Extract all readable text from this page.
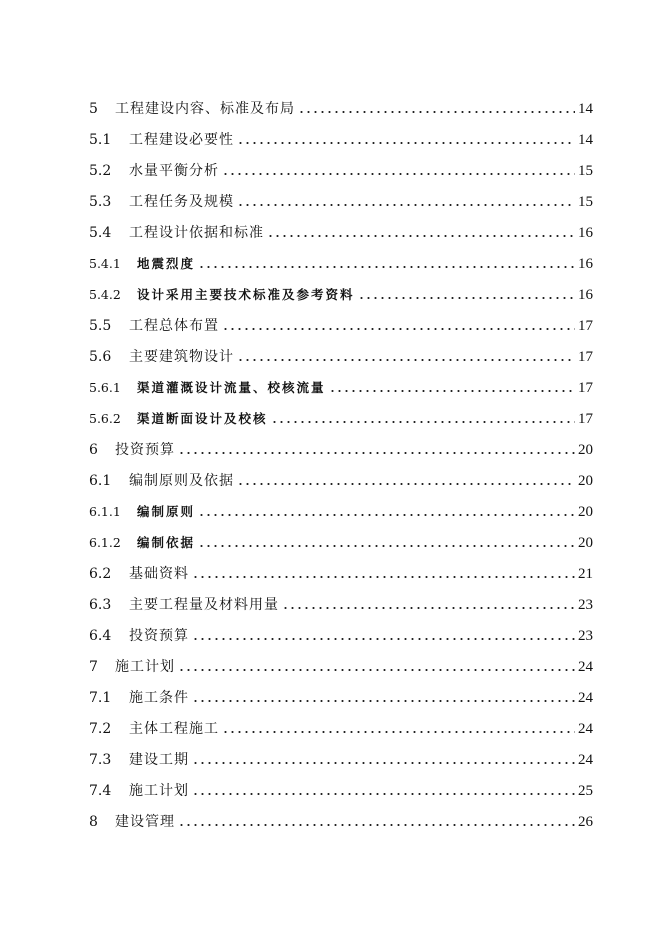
5	工程建设内容、标准及布局	14
5.1	工程建设必要性	14
5.2	水量平衡分析	15
5.3	工程任务及规模	15
5.4	工程设计依据和标准	16
5.4.1	地震烈度	16
5.4.2	设计采用主要技术标准及参考资料	16
5.5	工程总体布置	17
5.6	主要建筑物设计	17
5.6.1	渠道灌溉设计流量、校核流量	17
5.6.2	渠道断面设计及校核	17
6	投资预算	20
6.1	编制原则及依据	20
6.1.1	编制原则	20
6.1.2	编制依据	20
6.2	基础资料	21
6.3	主要工程量及材料用量	23
6.4	投资预算	23
7	施工计划	24
7.1	施工条件	24
7.2	主体工程施工	24
7.3	建设工期	24
7.4	施工计划	25
8	建设管理	26
